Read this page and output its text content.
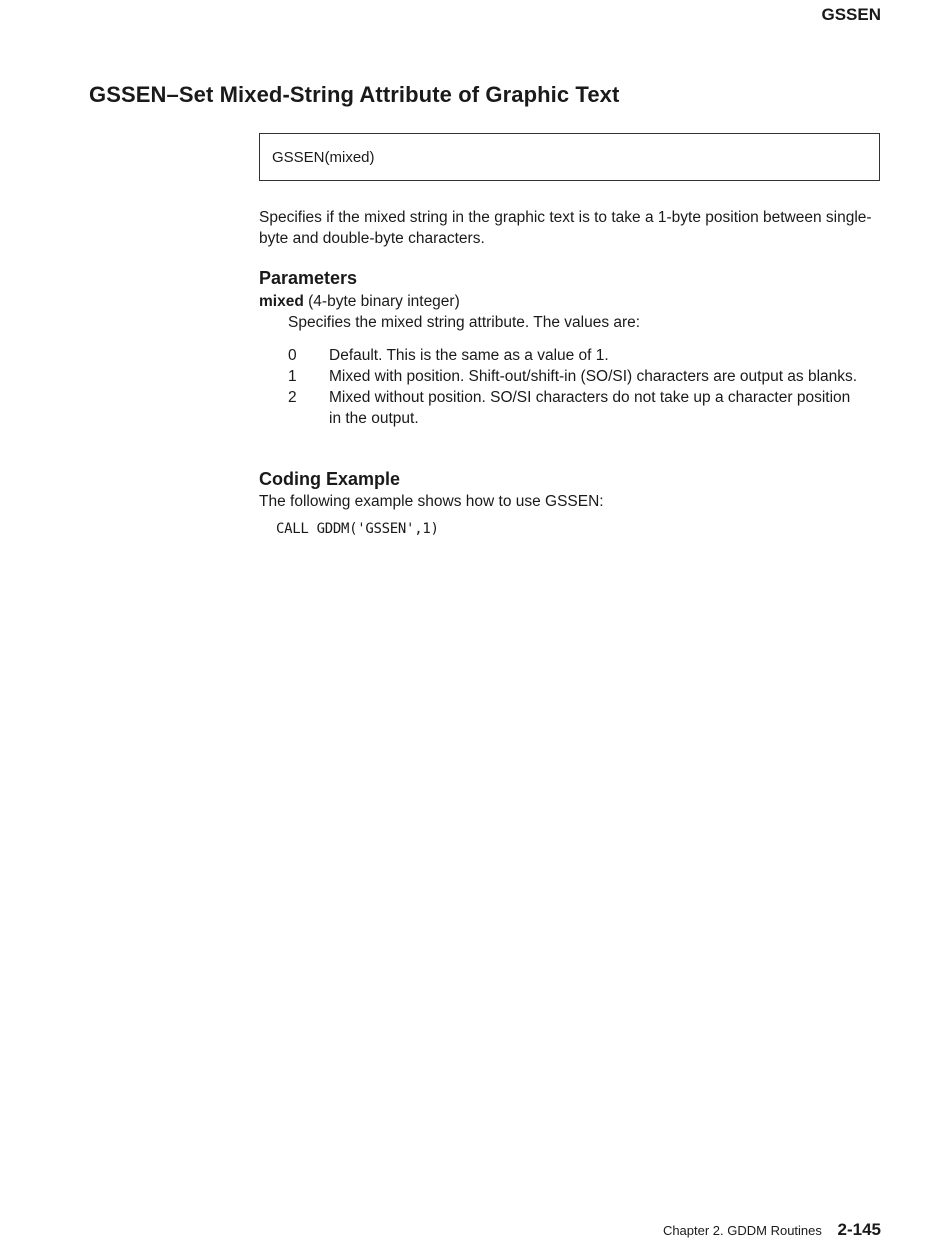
GSSEN
GSSEN–Set Mixed-String Attribute of Graphic Text
GSSEN(mixed)
Specifies if the mixed string in the graphic text is to take a 1-byte position between single-byte and double-byte characters.
Parameters
mixed (4-byte binary integer)
Specifies the mixed string attribute. The values are:
0	Default. This is the same as a value of 1.
1	Mixed with position. Shift-out/shift-in (SO/SI) characters are output as blanks.
2	Mixed without position. SO/SI characters do not take up a character position in the output.
Coding Example
The following example shows how to use GSSEN:
CALL GDDM('GSSEN',1)
Chapter 2. GDDM Routines 2-145
